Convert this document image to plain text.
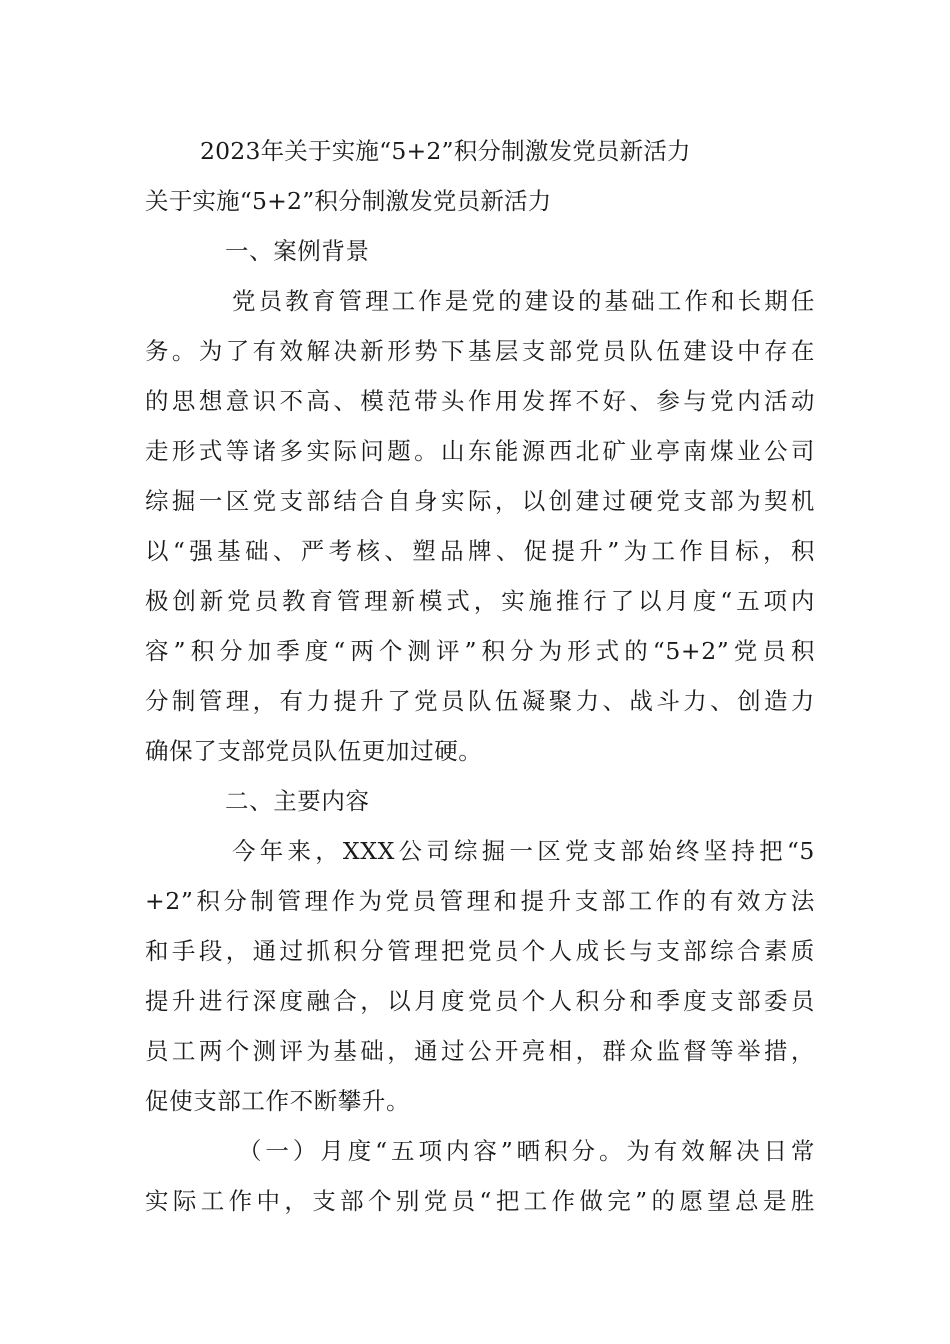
2023年关于实施“5+2”积分制激发党员新活力
关于实施“5+2”积分制激发党员新活力
一、案例背景
党员教育管理工作是党的建设的基础工作和长期任
务。为了有效解决新形势下基层支部党员队伍建设中存在
的思想意识不高、模范带头作用发挥不好、参与党内活动
走形式等诸多实际问题。山东能源西北矿业亭南煤业公司
综掘一区党支部结合自身实际，以创建过硬党支部为契机
以“强基础、严考核、塑品牌、促提升”为工作目标，积
极创新党员教育管理新模式，实施推行了以月度“五项内
容”积分加季度“两个测评”积分为形式的“5+2”党员积
分制管理，有力提升了党员队伍凝聚力、战斗力、创造力
确保了支部党员队伍更加过硬。
二、主要内容
今年来，XXX公司综掘一区党支部始终坚持把“5
+2”积分制管理作为党员管理和提升支部工作的有效方法
和手段，通过抓积分管理把党员个人成长与支部综合素质
提升进行深度融合，以月度党员个人积分和季度支部委员
员工两个测评为基础，通过公开亮相，群众监督等举措，
促使支部工作不断攀升。
（一）月度“五项内容”晒积分。为有效解决日常
实际工作中，支部个别党员“把工作做完”的愿望总是胜
